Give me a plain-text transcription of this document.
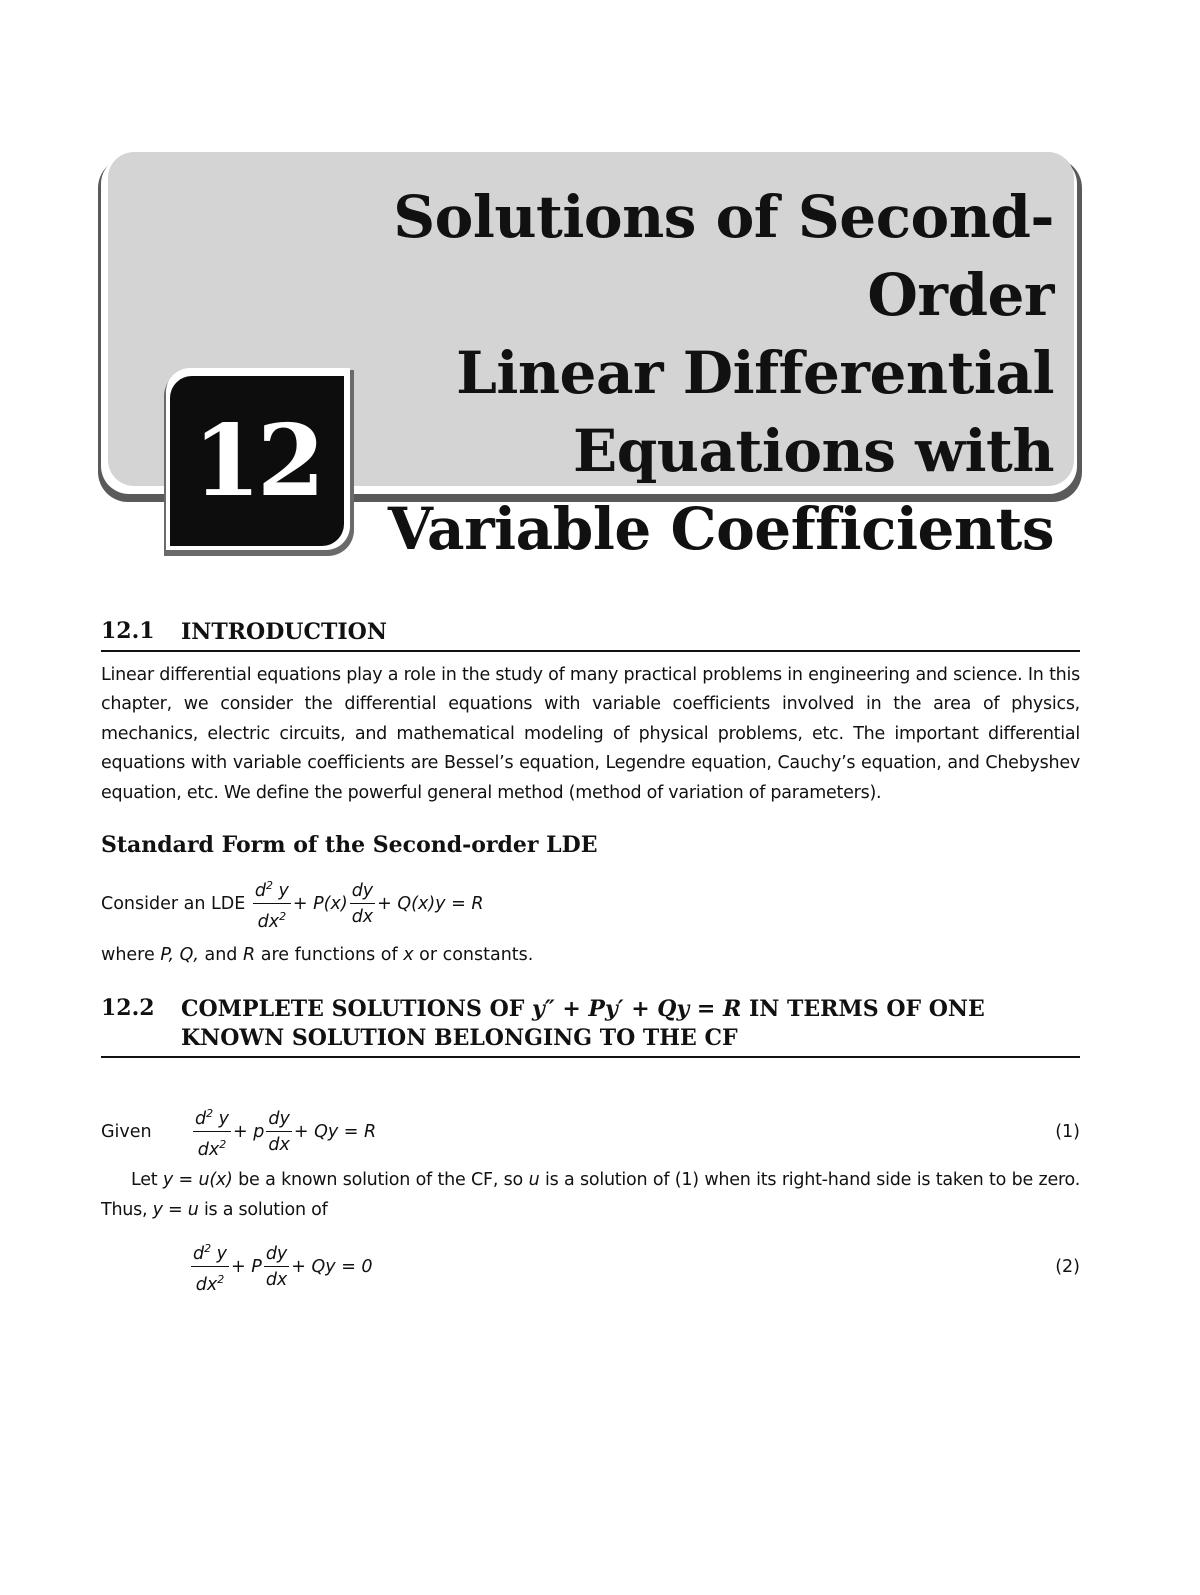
Solutions of Second-Order
Linear Differential
Equations with
Variable Coefficients
12
12.1	INTRODUCTION

Linear differential equations play a role in the study of many practical problems in engineering and science. In this chapter, we consider the differential equations with variable coefficients involved in the area of physics, mechanics, electric circuits, and mathematical modeling of physical problems, etc. The important differential equations with variable coefficients are Bessel’s equation, Legendre equation, Cauchy’s equation, and Chebyshev equation, etc. We define the powerful general method (method of variation of parameters).

Standard Form of the Second-order LDE
Consider an LDE
$\frac{d^2 y}{dx^2} + P(x) \frac{dy}{dx} + Q(x)y = R$
where P, Q, and R are functions of x or constants.
12.2	COMPLETE SOLUTIONS OF y″ + Py′ + Qy = R IN TERMS OF ONE KNOWN SOLUTION BELONGING TO THE CF
Given	$\frac{d^2 y}{dx^2} + p \frac{dy}{dx} + Qy = R$	(1)

Let y = u(x) be a known solution of the CF, so u is a solution of (1) when its right-hand side is taken to be zero. Thus, y = u is a solution of

$\frac{d^2 y}{dx^2} + P \frac{dy}{dx} + Qy = 0$	(2)
